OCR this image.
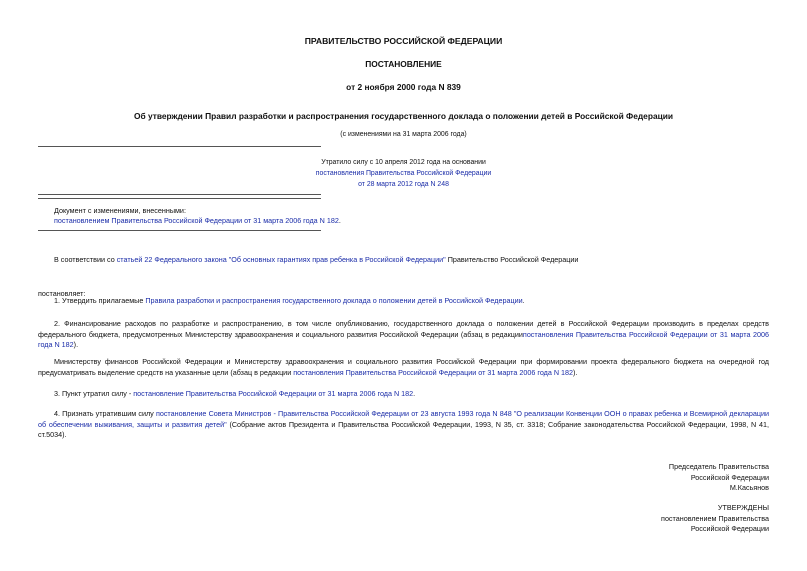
ПРАВИТЕЛЬСТВО РОССИЙСКОЙ ФЕДЕРАЦИИ
ПОСТАНОВЛЕНИЕ
от 2 ноября 2000 года N 839
Об утверждении Правил разработки и распространения государственного доклада о положении детей в Российской Федерации
(с изменениями на 31 марта 2006 года)
Утратило силу с 10 апреля 2012 года на основании
постановления Правительства Российской Федерации
от 28 марта 2012 года N 248
Документ с изменениями, внесенными:
постановлением Правительства Российской Федерации от 31 марта 2006 года N 182.
В соответствии со статьей 22 Федерального закона "Об основных гарантиях прав ребенка в Российской Федерации" Правительство Российской Федерации
постановляет:
1. Утвердить прилагаемые Правила разработки и распространения государственного доклада о положении детей в Российской Федерации.
2. Финансирование расходов по разработке и распространению, в том числе опубликованию, государственного доклада о положении детей в Российской Федерации производить в пределах средств федерального бюджета, предусмотренных Министерству здравоохранения и социального развития Российской Федерации (абзац в редакциипостановления Правительства Российской Федерации от 31 марта 2006 года N 182).
Министерству финансов Российской Федерации и Министерству здравоохранения и социального развития Российской Федерации при формировании проекта федерального бюджета на очередной год предусматривать выделение средств на указанные цели (абзац в редакции постановления Правительства Российской Федерации от 31 марта 2006 года N 182).
3. Пункт утратил силу - постановление Правительства Российской Федерации от 31 марта 2006 года N 182.
4. Признать утратившим силу постановление Совета Министров - Правительства Российской Федерации от 23 августа 1993 года N 848 "О реализации Конвенции ООН о правах ребенка и Всемирной декларации об обеспечении выживания, защиты и развития детей" (Собрание актов Президента и Правительства Российской Федерации, 1993, N 35, ст. 3318; Собрание законодательства Российской Федерации, 1998, N 41, ст.5034).
Председатель Правительства
Российской Федерации
М.Касьянов
УТВЕРЖДЕНЫ
постановлением Правительства
Российской Федерации
